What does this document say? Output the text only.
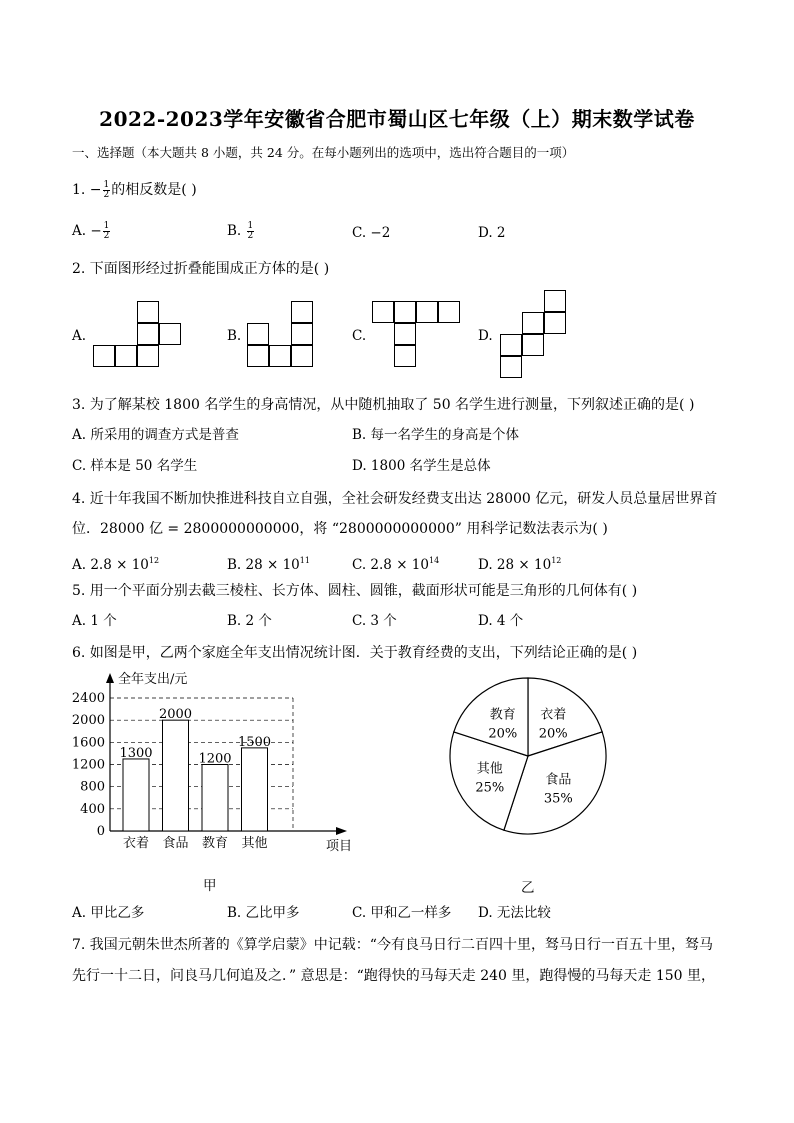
2022-2023学年安徽省合肥市蜀山区七年级（上）期末数学试卷
一、选择题（本大题共 8 小题，共 24 分。在每小题列出的选项中，选出符合题目的一项）
1. − $\frac{1}{2}$ 的相反数是( )
A. − $\frac{1}{2}$	B. $\frac{1}{2}$	C. −2	D. 2
2. 下面图形经过折叠能围成正方体的是( )
A.	B.	C.	D.
3. 为了解某校 1800 名学生的身高情况，从中随机抽取了 50 名学生进行测量，下列叙述正确的是( )
A. 所采用的调查方式是普查	B. 每一名学生的身高是个体
C. 样本是 50 名学生	D. 1800 名学生是总体
4. 近十年我国不断加快推进科技自立自强，全社会研发经费支出达 28000 亿元，研发人员总量居世界首
位．28000 亿 = 2800000000000，将 “2800000000000” 用科学记数法表示为( )
A. $2.8 \times 10^{12}$	B. $28 \times 10^{11}$	C. $2.8 \times 10^{14}$	D. $28 \times 10^{12}$
5. 用一个平面分别去截三棱柱、长方体、圆柱、圆锥，截面形状可能是三角形的几何体有( )
A. 1 个	B. 2 个	C. 3 个	D. 4 个
6. 如图是甲，乙两个家庭全年支出情况统计图．关于教育经费的支出，下列结论正确的是( )
0
400
800
1200
1600
2000
2400
全年支出/元
项目
1300
衣着
2000
食品
1200
教育
1500
其他
衣着
20%
食品
35%
其他
25%
教育
20%
甲	乙
A. 甲比乙多	B. 乙比甲多	C. 甲和乙一样多 D. 无法比较
7. 我国元朝朱世杰所著的《算学启蒙》中记载：“今有良马日行二百四十里，驽马日行一百五十里，驽马
先行一十二日，问良马几何追及之．” 意思是：“跑得快的马每天走 240 里，跑得慢的马每天走 150 里，
